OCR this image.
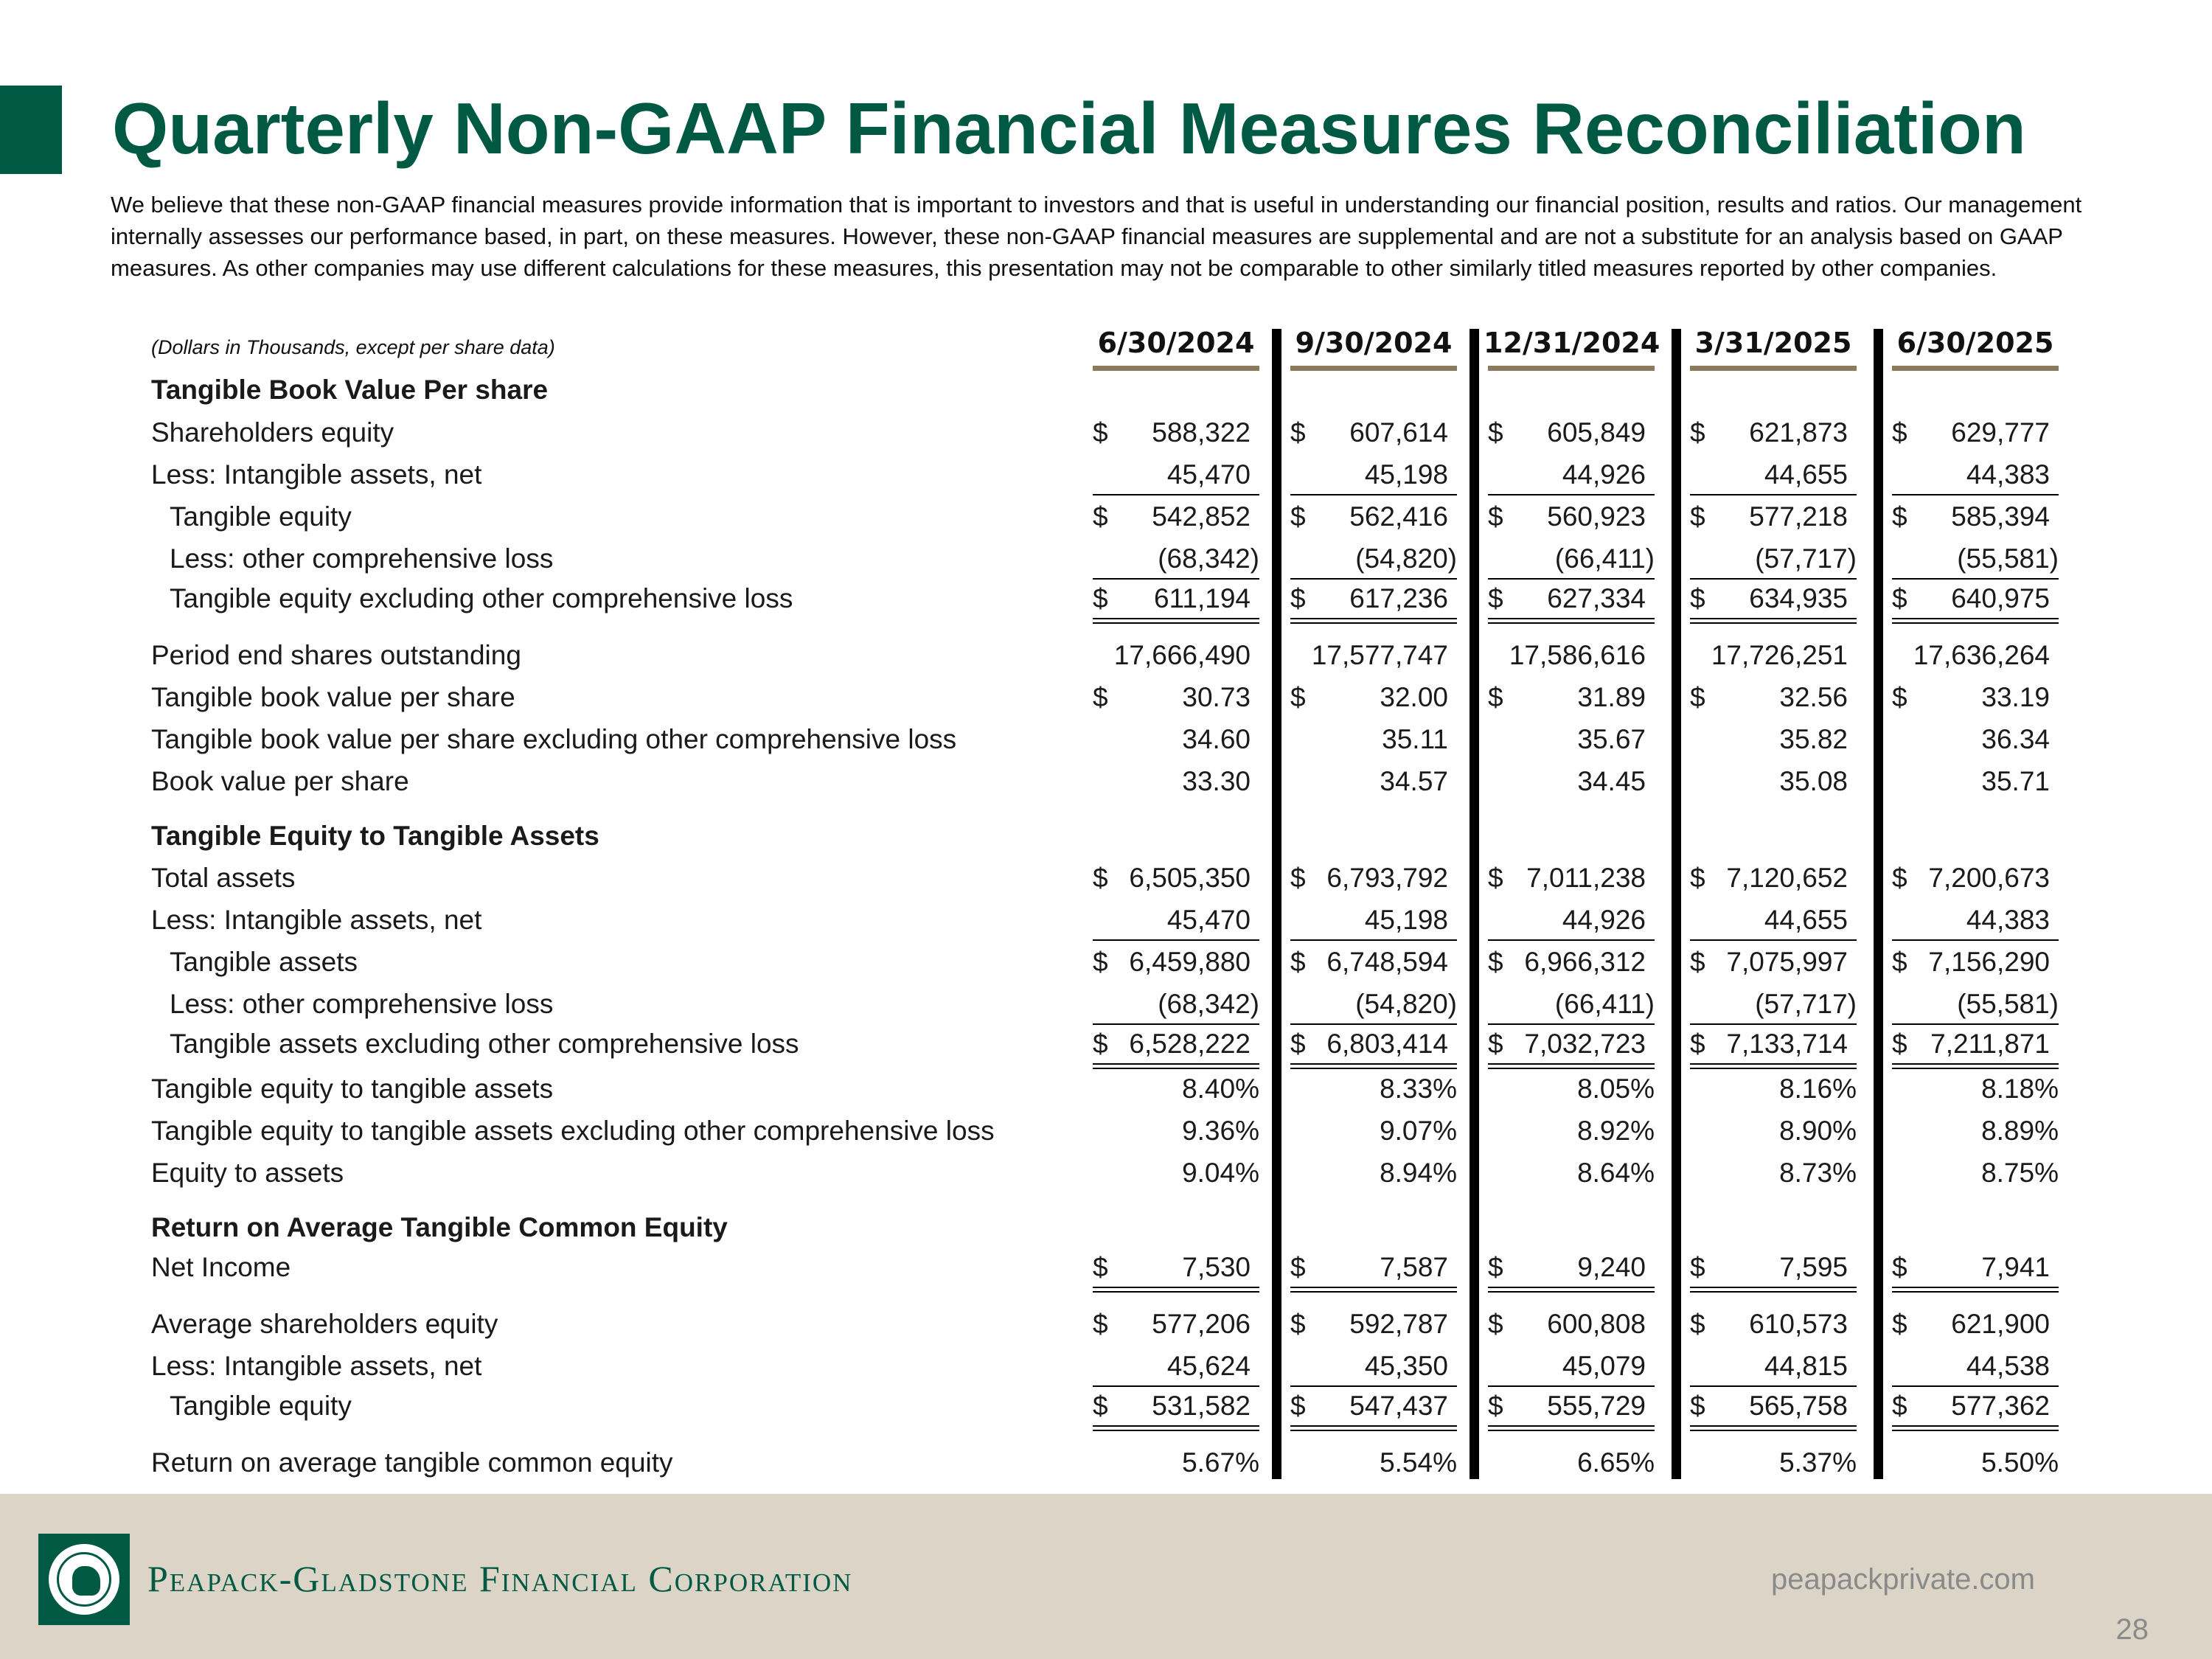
Quarterly Non-GAAP Financial Measures Reconciliation

We believe that these non-GAAP financial measures provide information that is important to investors and that is useful in understanding our financial position, results and ratios. Our management internally assesses our performance based, in part, on these measures. However, these non-GAAP financial measures are supplemental and are not a substitute for an analysis based on GAAP measures. As other companies may use different calculations for these measures, this presentation may not be comparable to other similarly titled measures reported by other companies.

(Dollars in Thousands, except per share data)	6/30/2024	9/30/2024	12/31/2024	3/31/2025	6/30/2025
Tangible Book Value Per share
Shareholders equity	$ 588,322 $ 607,614 $ 605,849 $ 621,873 $ 629,777
Less: Intangible assets, net	45,470	45,198	44,926	44,655	44,383
Tangible equity	$ 542,852 $ 562,416 $ 560,923 $ 577,218 $ 585,394
Less: other comprehensive loss	(68,342)	(54,820)	(66,411)	(57,717)	(55,581)
Tangible equity excluding other comprehensive loss	$ 611,194 $ 617,236 $ 627,334 $ 634,935 $ 640,975
Period end shares outstanding	17,666,490 17,577,747 17,586,616 17,726,251 17,636,264
Tangible book value per share	$	30.73 $	32.00 $	31.89 $	32.56 $	33.19
Tangible book value per share excluding other comprehensive loss	34.60	35.11	35.67	35.82	36.34
Book value per share	33.30	34.57	34.45	35.08	35.71
Tangible Equity to Tangible Assets
Total assets	$ 6,505,350 $ 6,793,792 $ 7,011,238 $ 7,120,652 $ 7,200,673
Less: Intangible assets, net	45,470	45,198	44,926	44,655	44,383
Tangible assets	$ 6,459,880 $ 6,748,594 $ 6,966,312 $ 7,075,997 $ 7,156,290
Less: other comprehensive loss	(68,342)	(54,820)	(66,411)	(57,717)	(55,581)
Tangible assets excluding other comprehensive loss	$ 6,528,222 $ 6,803,414 $ 7,032,723 $ 7,133,714 $ 7,211,871
Tangible equity to tangible assets	8.40%	8.33%	8.05%	8.16%	8.18%
Tangible equity to tangible assets excluding other comprehensive loss	9.36%	9.07%	8.92%	8.90%	8.89%
Equity to assets	9.04%	8.94%	8.64%	8.73%	8.75%
Return on Average Tangible Common Equity
Net Income	$	7,530 $	7,587 $	9,240 $	7,595 $	7,941
Average shareholders equity	$ 577,206 $ 592,787 $ 600,808 $ 610,573 $ 621,900
Less: Intangible assets, net	45,624	45,350	45,079	44,815	44,538
Tangible equity	$ 531,582 $ 547,437 $ 555,729 $ 565,758 $ 577,362
Return on average tangible common equity	5.67%	5.54%	6.65%	5.37%	5.50%
Peapack-Gladstone Financial Corporation	peapackprivate.com
28
